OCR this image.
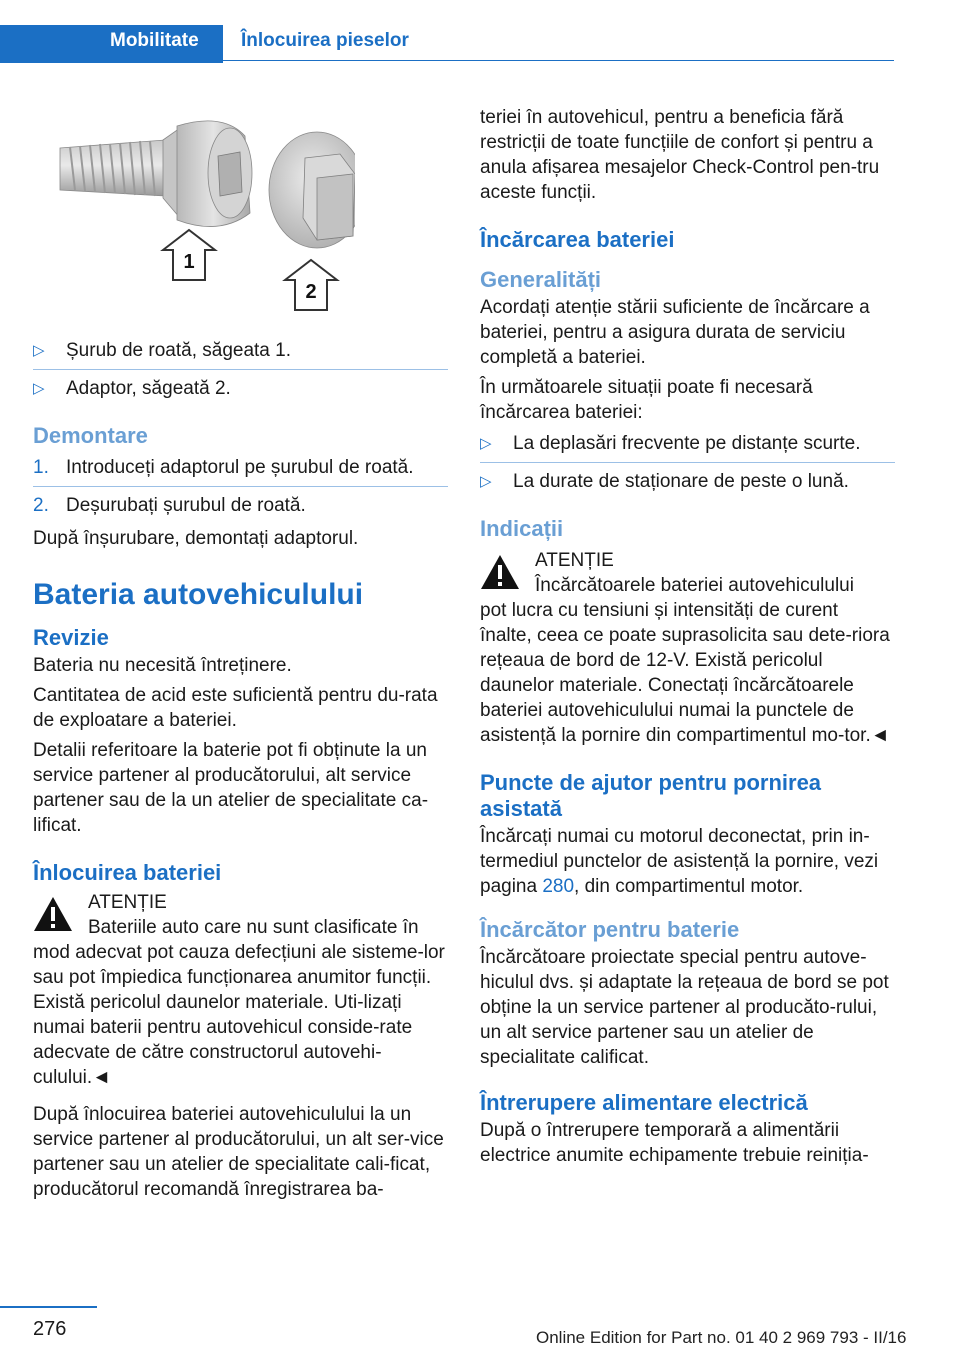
Mobilitate	Înlocuirea pieselor
1
2

▷ Șurub de roată, săgeata 1.

▷ Adaptor, săgeată 2.

Demontare

1. Introduceți adaptorul pe șurubul de roată.

2. Deșurubați șurubul de roată.

După înșurubare, demontați adaptorul.

Bateria autovehiculului
Revizie

Bateria nu necesită întreținere.

Cantitatea de acid este suficientă pentru du‐rata de exploatare a bateriei.

Detalii referitoare la baterie pot fi obținute la un service partener al producătorului, alt service partener sau de la un atelier de specialitate ca‐lificat.

Înlocuirea bateriei
ATENȚIE
Bateriile auto care nu sunt clasificate în
mod adecvat pot cauza defecțiuni ale sisteme‐lor sau pot împiedica funcționarea anumitor funcții. Există pericolul daunelor materiale. Uti‐lizați numai baterii pentru autovehicul conside‐rate adecvate de către constructorul autovehi‐culului.◄

După înlocuirea bateriei autovehiculului la un service partener al producătorului, un alt ser‐vice partener sau un atelier de specialitate cali‐ficat, producătorul recomandă înregistrarea ba‐

teriei în autovehicul, pentru a beneficia fără restricții de toate funcțiile de confort și pentru a anula afișarea mesajelor Check-Control pen‐tru aceste funcții.

Încărcarea bateriei
Generalități

Acordați atenție stării suficiente de încărcare a bateriei, pentru a asigura durata de serviciu completă a bateriei.

În următoarele situații poate fi necesară încărcarea bateriei:

▷ La deplasări frecvente pe distanțe scurte.

▷ La durate de staționare de peste o lună.

Indicații
ATENȚIE
Încărcătoarele bateriei autovehiculului
pot lucra cu tensiuni și intensități de curent înalte, ceea ce poate suprasolicita sau dete‐riora rețeaua de bord de 12-V. Există pericolul daunelor materiale. Conectați încărcătoarele bateriei autovehiculului numai la punctele de asistență la pornire din compartimentul mo‐tor.◄
Puncte de ajutor pentru pornirea asistată

Încărcați numai cu motorul deconectat, prin in‐termediul punctelor de asistență la pornire, vezi pagina 280, din compartimentul motor.

Încărcător pentru baterie

Încărcătoare proiectate special pentru autove‐hiculul dvs. și adaptate la rețeaua de bord se pot obține la un service partener al producăto‐rului, un alt service partener sau un atelier de specialitate calificat.

Întrerupere alimentare electrică

După o întrerupere temporară a alimentării electrice anumite echipamente trebuie reiniția‐

276	Online Edition for Part no. 01 40 2 969 793 - II/16
